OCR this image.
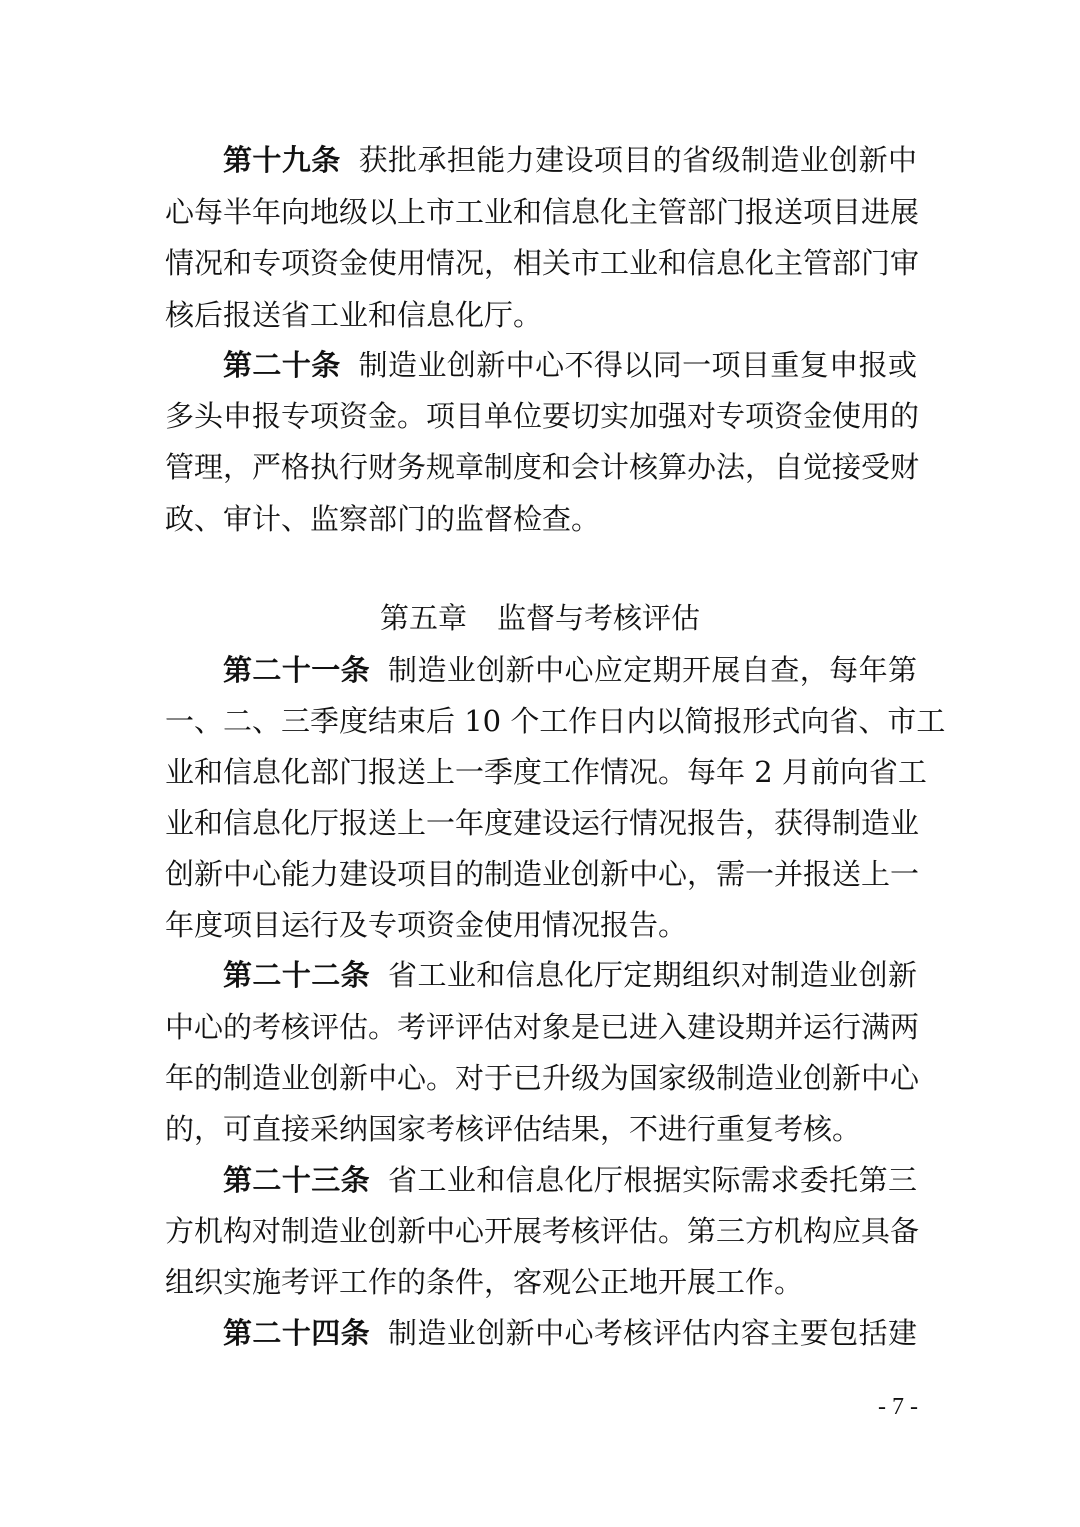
第十九条 获批承担能力建设项目的省级制造业创新中
心每半年向地级以上市工业和信息化主管部门报送项目进展
情况和专项资金使用情况，相关市工业和信息化主管部门审
核后报送省工业和信息化厅。
第二十条 制造业创新中心不得以同一项目重复申报或
多头申报专项资金。项目单位要切实加强对专项资金使用的
管理，严格执行财务规章制度和会计核算办法，自觉接受财
政、审计、监察部门的监督检查。
第五章 监督与考核评估
第二十一条 制造业创新中心应定期开展自查，每年第
一、二、三季度结束后 10 个工作日内以简报形式向省、市工
业和信息化部门报送上一季度工作情况。每年 2 月前向省工
业和信息化厅报送上一年度建设运行情况报告，获得制造业
创新中心能力建设项目的制造业创新中心，需一并报送上一
年度项目运行及专项资金使用情况报告。
第二十二条 省工业和信息化厅定期组织对制造业创新
中心的考核评估。考评评估对象是已进入建设期并运行满两
年的制造业创新中心。对于已升级为国家级制造业创新中心
的，可直接采纳国家考核评估结果，不进行重复考核。
第二十三条 省工业和信息化厅根据实际需求委托第三
方机构对制造业创新中心开展考核评估。第三方机构应具备
组织实施考评工作的条件，客观公正地开展工作。
第二十四条 制造业创新中心考核评估内容主要包括建
- 7 -
